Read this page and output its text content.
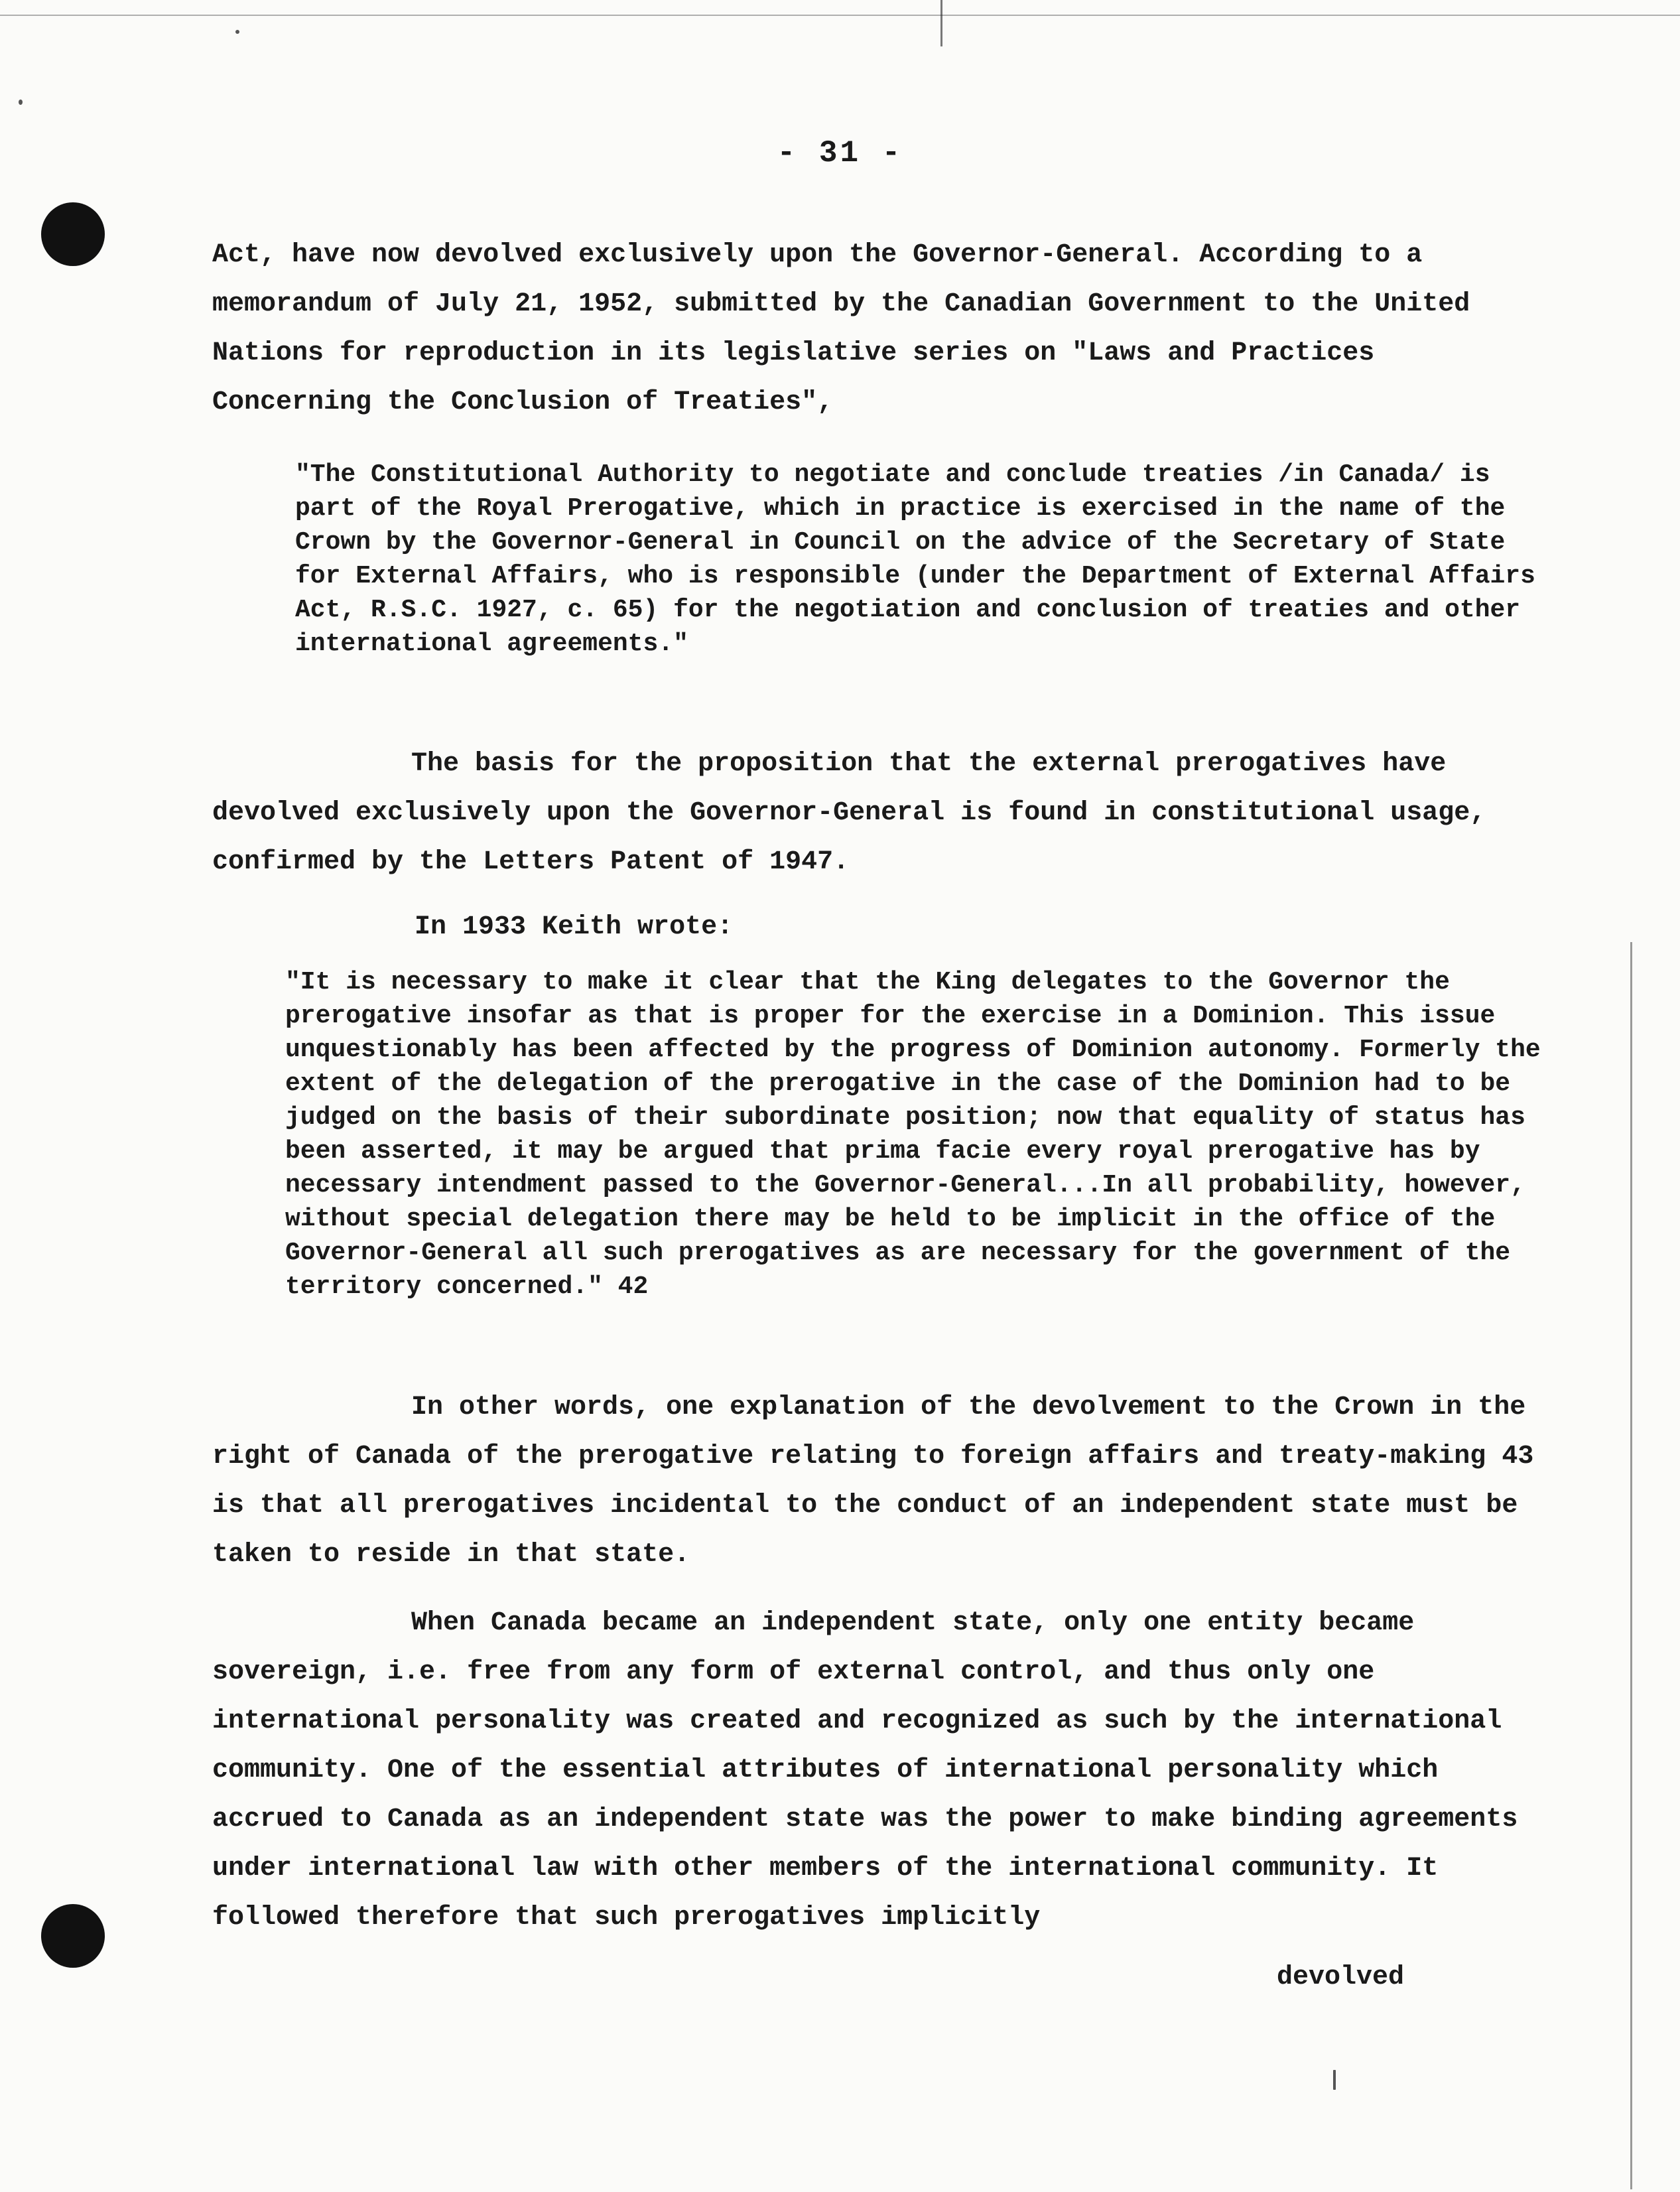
- 31 -

Act, have now devolved exclusively upon the Governor-General. According to a memorandum of July 21, 1952, submitted by the Canadian Government to the United Nations for reproduction in its legislative series on "Laws and Practices Concerning the Conclusion of Treaties",

"The Constitutional Authority to negotiate and conclude treaties /in Canada/ is part of the Royal Prerogative, which in practice is exercised in the name of the Crown by the Governor-General in Council on the advice of the Secretary of State for External Affairs, who is responsible (under the Department of External Affairs Act, R.S.C. 1927, c. 65) for the negotiation and conclusion of treaties and other international agreements."

The basis for the proposition that the external prerogatives have devolved exclusively upon the Governor-General is found in constitutional usage, confirmed by the Letters Patent of 1947.

In 1933 Keith wrote:

"It is necessary to make it clear that the King delegates to the Governor the prerogative insofar as that is proper for the exercise in a Dominion. This issue unquestionably has been affected by the progress of Dominion autonomy. Formerly the extent of the delegation of the prerogative in the case of the Dominion had to be judged on the basis of their subordinate position; now that equality of status has been asserted, it may be argued that prima facie every royal prerogative has by necessary intendment passed to the Governor-General...In all probability, however, without special delegation there may be held to be implicit in the office of the Governor-General all such prerogatives as are necessary for the government of the territory concerned." 42

In other words, one explanation of the devolvement to the Crown in the right of Canada of the prerogative relating to foreign affairs and treaty-making 43 is that all prerogatives incidental to the conduct of an independent state must be taken to reside in that state.

When Canada became an independent state, only one entity became sovereign, i.e. free from any form of external control, and thus only one international personality was created and recognized as such by the international community. One of the essential attributes of international personality which accrued to Canada as an independent state was the power to make binding agreements under international law with other members of the international community. It followed therefore that such prerogatives implicitly

devolved
